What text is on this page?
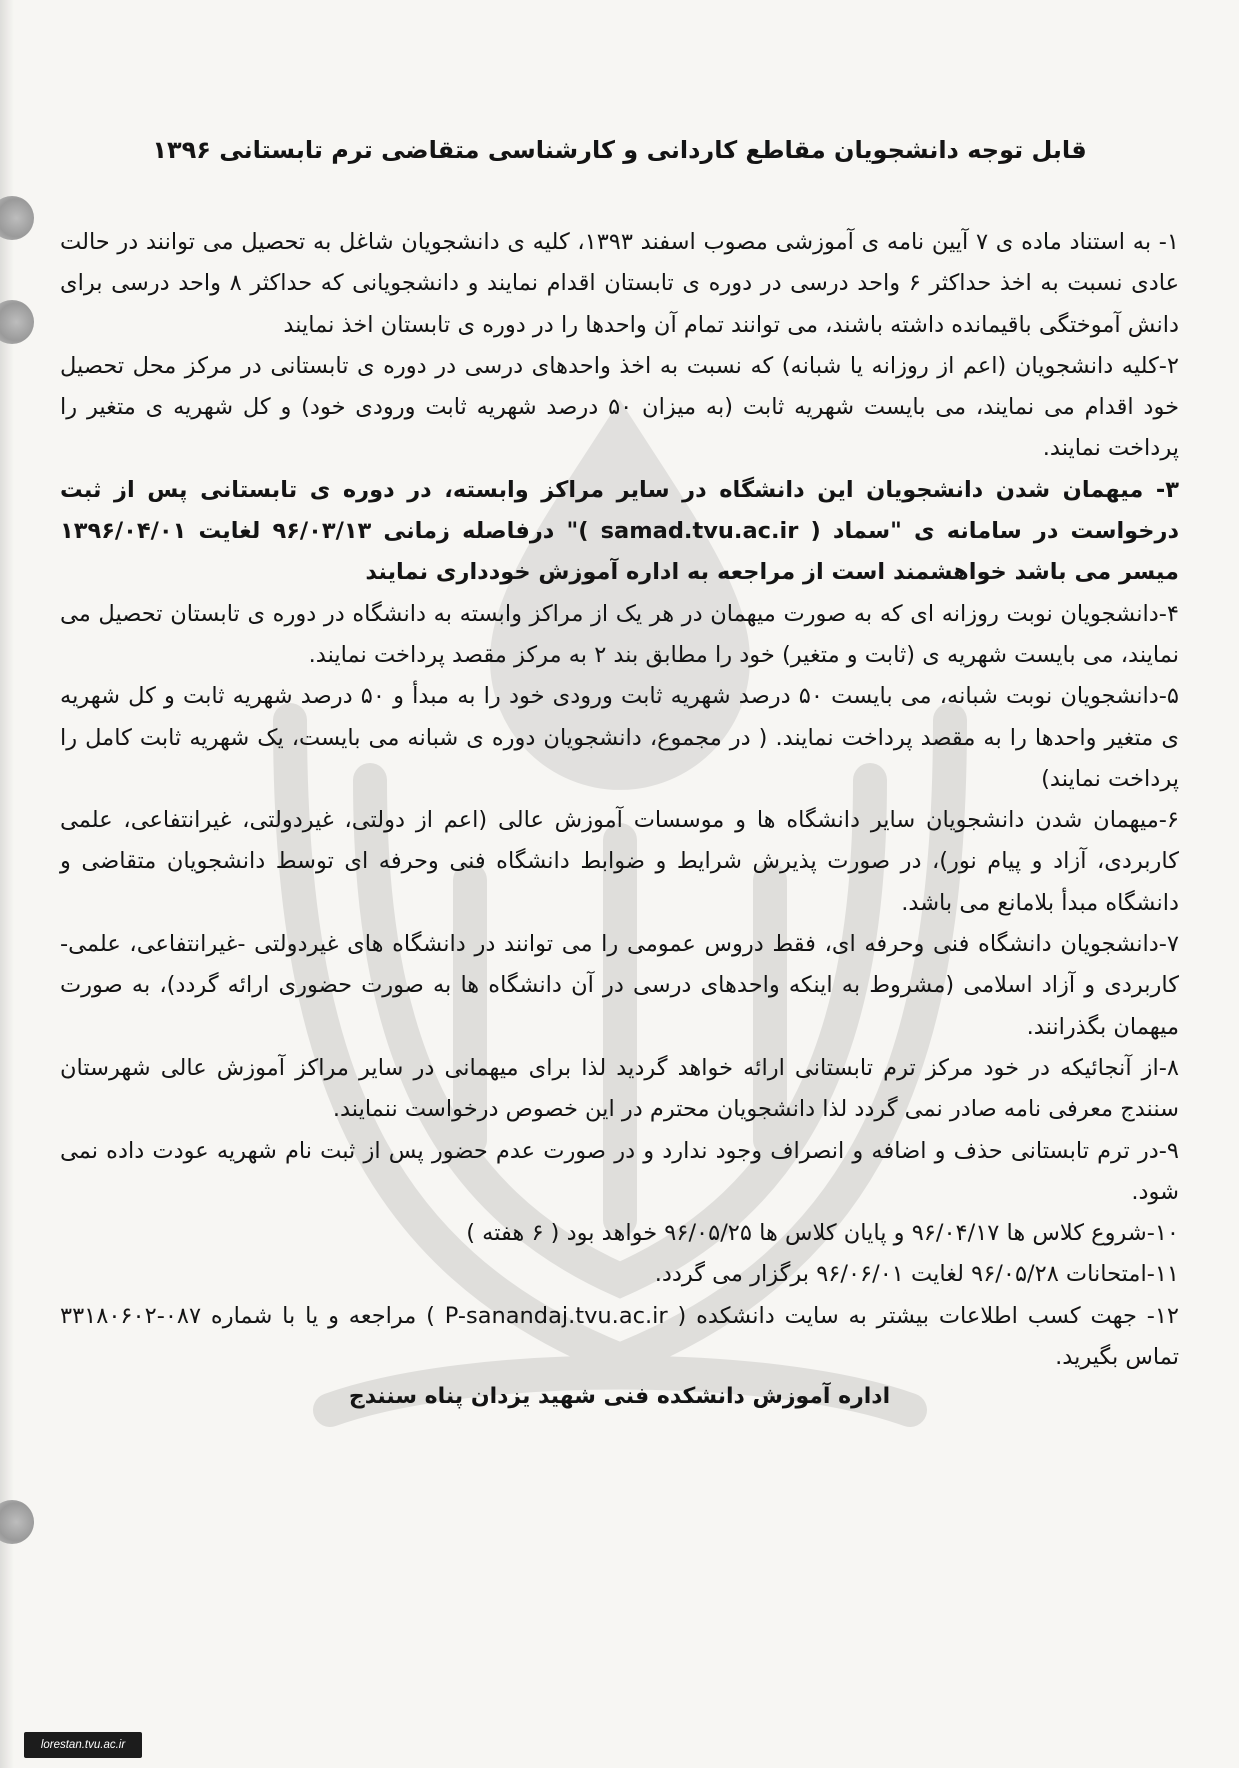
قابل توجه دانشجویان مقاطع کاردانی و کارشناسی متقاضی ترم تابستانی ۱۳۹۶

۱- به استناد ماده ی ۷ آیین نامه ی آموزشی مصوب اسفند ۱۳۹۳، کلیه ی دانشجویان شاغل به تحصیل می توانند در حالت عادی نسبت به اخذ حداکثر ۶ واحد درسی در دوره ی تابستان اقدام نمایند و دانشجویانی که حداکثر ۸ واحد درسی برای دانش آموختگی باقیمانده داشته باشند، می توانند تمام آن واحدها را در دوره ی تابستان اخذ نمایند

۲-کلیه دانشجویان (اعم از روزانه یا شبانه) که نسبت به اخذ واحدهای درسی در دوره ی تابستانی در مرکز محل تحصیل خود اقدام می نمایند، می بایست شهریه ثابت (به میزان ۵۰ درصد شهریه ثابت ورودی خود) و کل شهریه ی متغیر را پرداخت نمایند.

۳- میهمان شدن دانشجویان این دانشگاه در سایر مراکز وابسته، در دوره ی تابستانی پس از ثبت درخواست در سامانه ی "سماد ( samad.tvu.ac.ir )" درفاصله زمانی ۹۶/۰۳/۱۳ لغایت ۱۳۹۶/۰۴/۰۱ میسر می باشد خواهشمند است از مراجعه به اداره آموزش خودداری نمایند

۴-دانشجویان نوبت روزانه ای که به صورت میهمان در هر یک از مراکز وابسته به دانشگاه در دوره ی تابستان تحصیل می نمایند، می بایست شهریه ی (ثابت و متغیر) خود را مطابق بند ۲ به مرکز مقصد پرداخت نمایند.

۵-دانشجویان نوبت شبانه، می بایست ۵۰ درصد شهریه ثابت ورودی خود را به مبدأ و ۵۰ درصد شهریه ثابت و کل شهریه ی متغیر واحدها را به مقصد پرداخت نمایند. ( در مجموع، دانشجویان دوره ی شبانه می بایست، یک شهریه ثابت کامل را پرداخت نمایند)

۶-میهمان شدن دانشجویان سایر دانشگاه ها و موسسات آموزش عالی (اعم از دولتی، غیردولتی، غیرانتفاعی، علمی کاربردی، آزاد و پیام نور)، در صورت پذیرش شرایط و ضوابط دانشگاه فنی وحرفه ای توسط دانشجویان متقاضی و دانشگاه مبدأ بلامانع می باشد.

۷-دانشجویان دانشگاه فنی وحرفه ای، فقط دروس عمومی را می توانند در دانشگاه های غیردولتی -غیرانتفاعی، علمی-کاربردی و آزاد اسلامی (مشروط به اینکه واحدهای درسی در آن دانشگاه ها به صورت حضوری ارائه گردد)، به صورت میهمان بگذرانند.

۸-از آنجائیکه در خود مرکز ترم تابستانی ارائه خواهد گردید لذا برای میهمانی در سایر مراکز آموزش عالی شهرستان سنندج معرفی نامه صادر نمی گردد لذا دانشجویان محترم در این خصوص درخواست ننمایند.

۹-در ترم تابستانی حذف و اضافه و انصراف وجود ندارد و در صورت عدم حضور پس از ثبت نام شهریه عودت داده نمی شود.

۱۰-شروع کلاس ها ۹۶/۰۴/۱۷ و پایان کلاس ها ۹۶/۰۵/۲۵ خواهد بود ( ۶ هفته )

۱۱-امتحانات ۹۶/۰۵/۲۸ لغایت ۹۶/۰۶/۰۱ برگزار می گردد.

۱۲- جهت کسب اطلاعات بیشتر به سایت دانشکده ( P-sanandaj.tvu.ac.ir ) مراجعه و یا با شماره ۰۸۷-۳۳۱۸۰۶۰۲ تماس بگیرید.

اداره آموزش دانشکده فنی شهید یزدان پناه سنندج
lorestan.tvu.ac.ir
